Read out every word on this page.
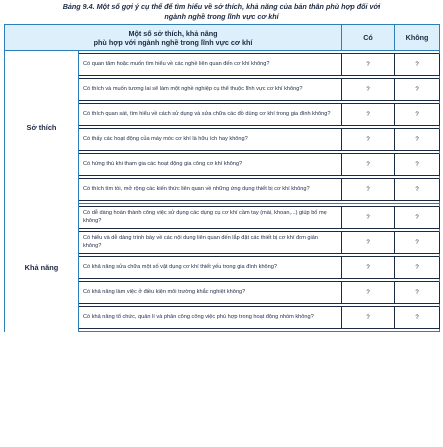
Bảng 9.4. Một số gợi ý cụ thể để tìm hiểu về sở thích, khả năng của bản thân phù hợp đối với
ngành nghề trong lĩnh vực cơ khí
Một số sở thích, khả năng
phù hợp với ngành nghề trong lĩnh vực cơ khí		Có	Không
Sở thích			
	Có quan tâm hoặc muốn tìm hiểu về các nghề liên quan đến cơ khí không?	?	?

	Có thích và muốn tương lai sẽ làm một nghề nghiệp cụ thể thuộc lĩnh vực cơ khí không?	?	?

	Có thích quan sát, tìm hiểu về cách sử dụng và sửa chữa các đồ dùng cơ khí trong gia đình không?	?	?

	Có thấy các hoạt động của máy móc cơ khí là hữu ích hay không?	?	?

	Có hứng thú khi tham gia các hoạt động gia công cơ khí không?	?	?

	Có thích tìm tòi, mở rộng các kiến thức liên quan về những ứng dụng thiết bị cơ khí không?	?	?

Khả năng			
	Có dễ dàng hoàn thành công việc sử dụng các dụng cụ cơ khí cầm tay (mài, khoan,...) giúp bố mẹ không?	?	?

	Có hiểu và dễ dàng trình bày về các nội dung liên quan đến lắp đặt các thiết bị cơ khí đơn giản không?	?	?

	Có khả năng sửa chữa một số vật dụng cơ khí thiết yếu trong gia đình không?	?	?

	Có khả năng làm việc ở điều kiện môi trường khắc nghiệt không?	?	?

	Có khả năng tổ chức, quản lí và phân công công việc phù hợp trong hoạt động nhóm không?	?	?
